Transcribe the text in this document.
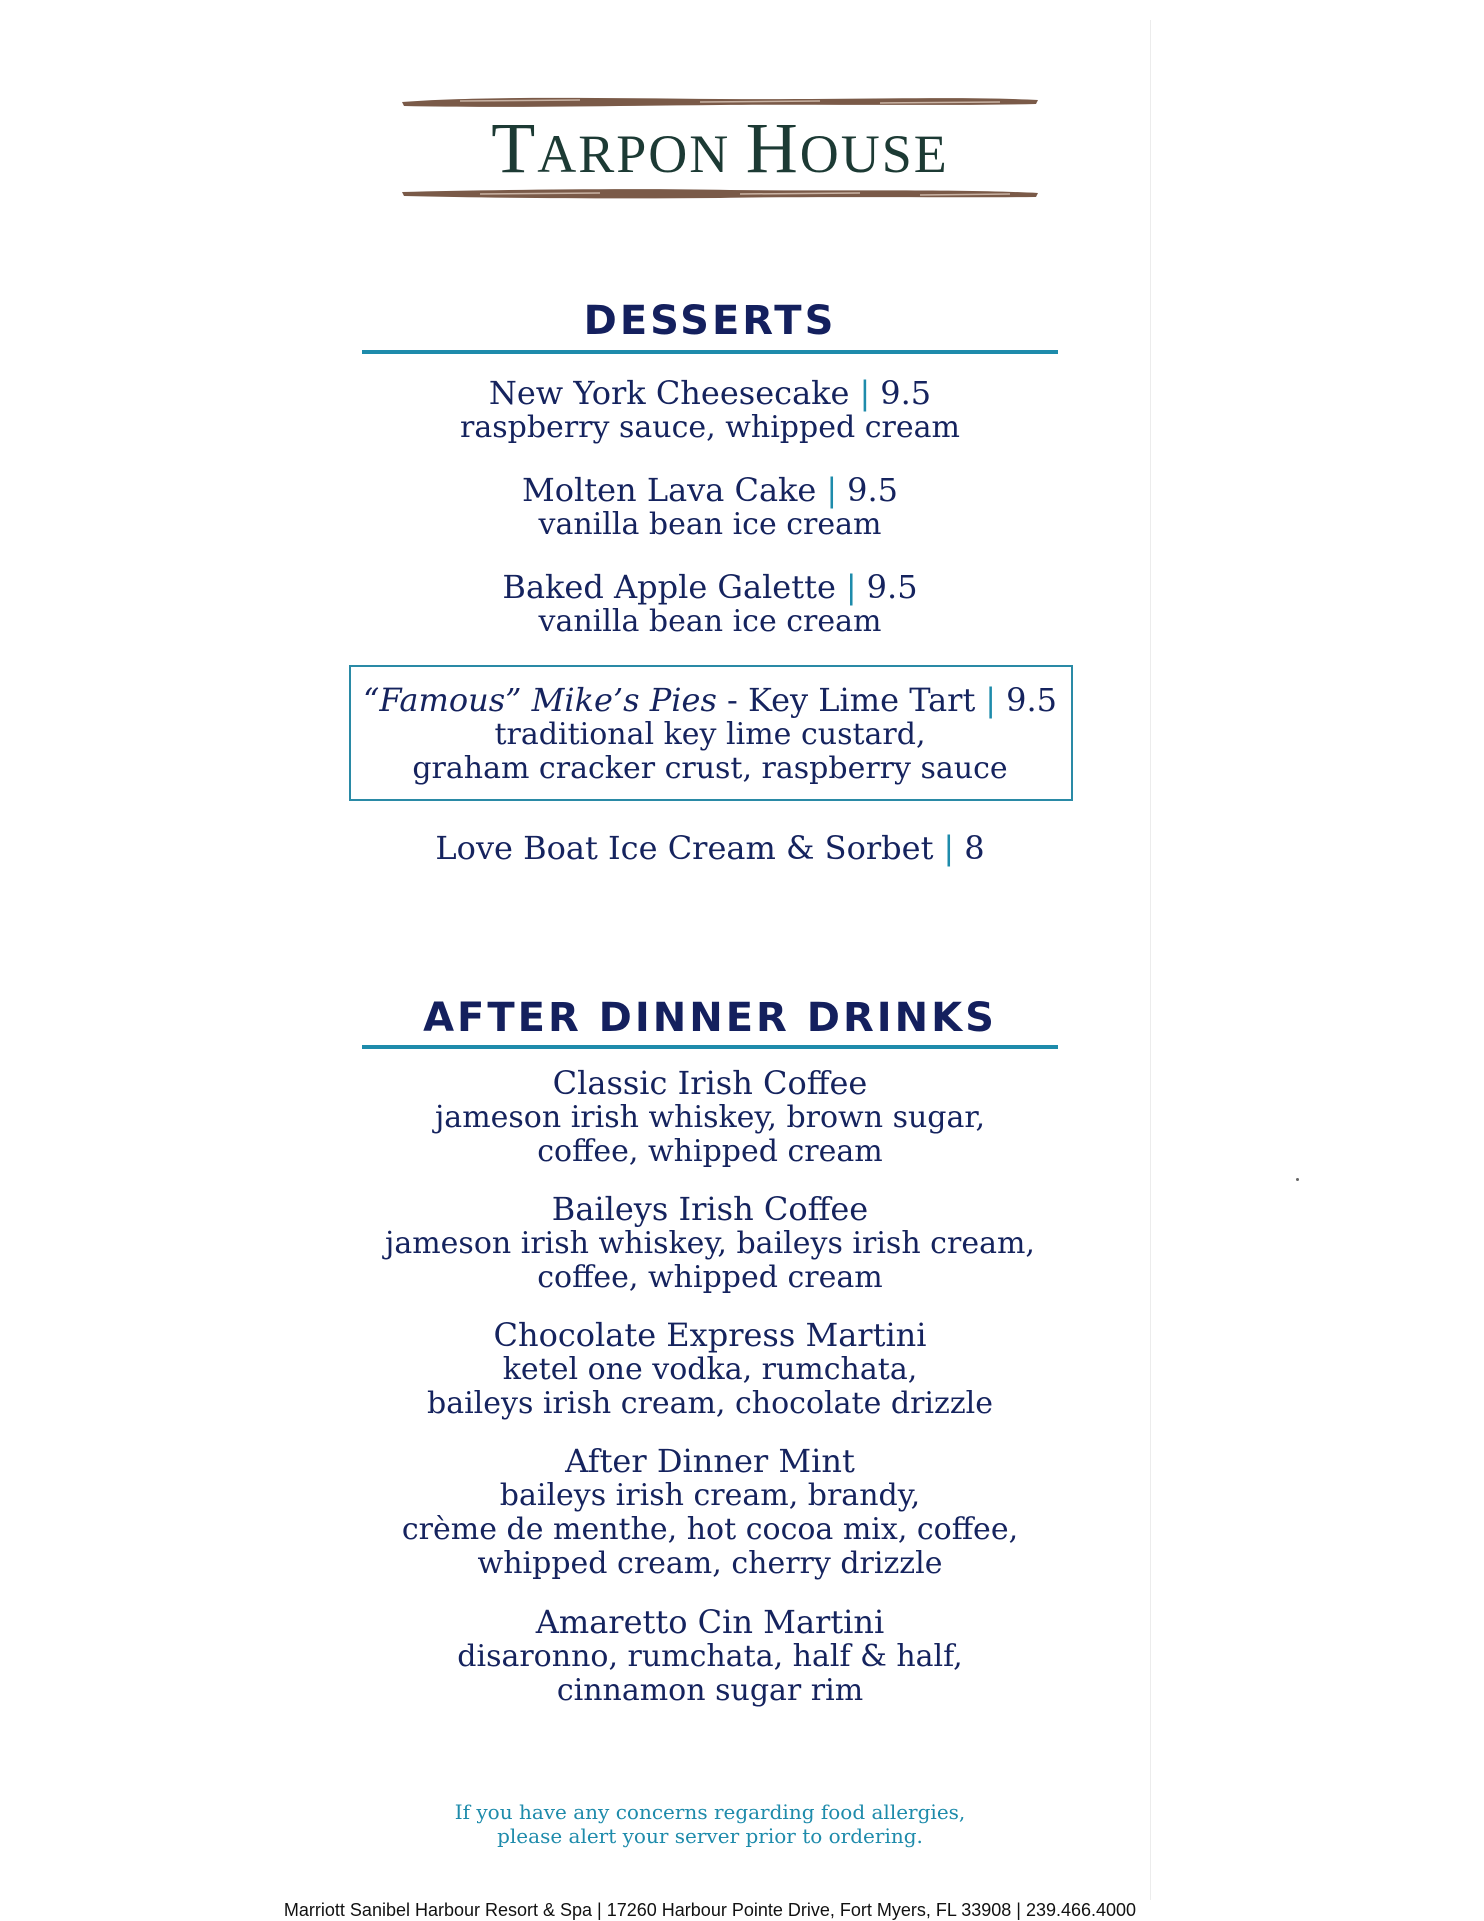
TARPON HOUSE
DESSERTS
New York Cheesecake | 9.5
raspberry sauce, whipped cream
Molten Lava Cake | 9.5
vanilla bean ice cream
Baked Apple Galette | 9.5
vanilla bean ice cream
“Famous” Mike’s Pies - Key Lime Tart | 9.5
traditional key lime custard,
graham cracker crust, raspberry sauce
Love Boat Ice Cream & Sorbet | 8
AFTER DINNER DRINKS
Classic Irish Coffee
jameson irish whiskey, brown sugar,
coffee, whipped cream
Baileys Irish Coffee
jameson irish whiskey, baileys irish cream,
coffee, whipped cream
Chocolate Express Martini
ketel one vodka, rumchata,
baileys irish cream, chocolate drizzle
After Dinner Mint
baileys irish cream, brandy,
crème de menthe, hot cocoa mix, coffee,
whipped cream, cherry drizzle
Amaretto Cin Martini
disaronno, rumchata, half & half,
cinnamon sugar rim
If you have any concerns regarding food allergies,
please alert your server prior to ordering.
Marriott Sanibel Harbour Resort & Spa | 17260 Harbour Pointe Drive, Fort Myers, FL 33908 | 239.466.4000
